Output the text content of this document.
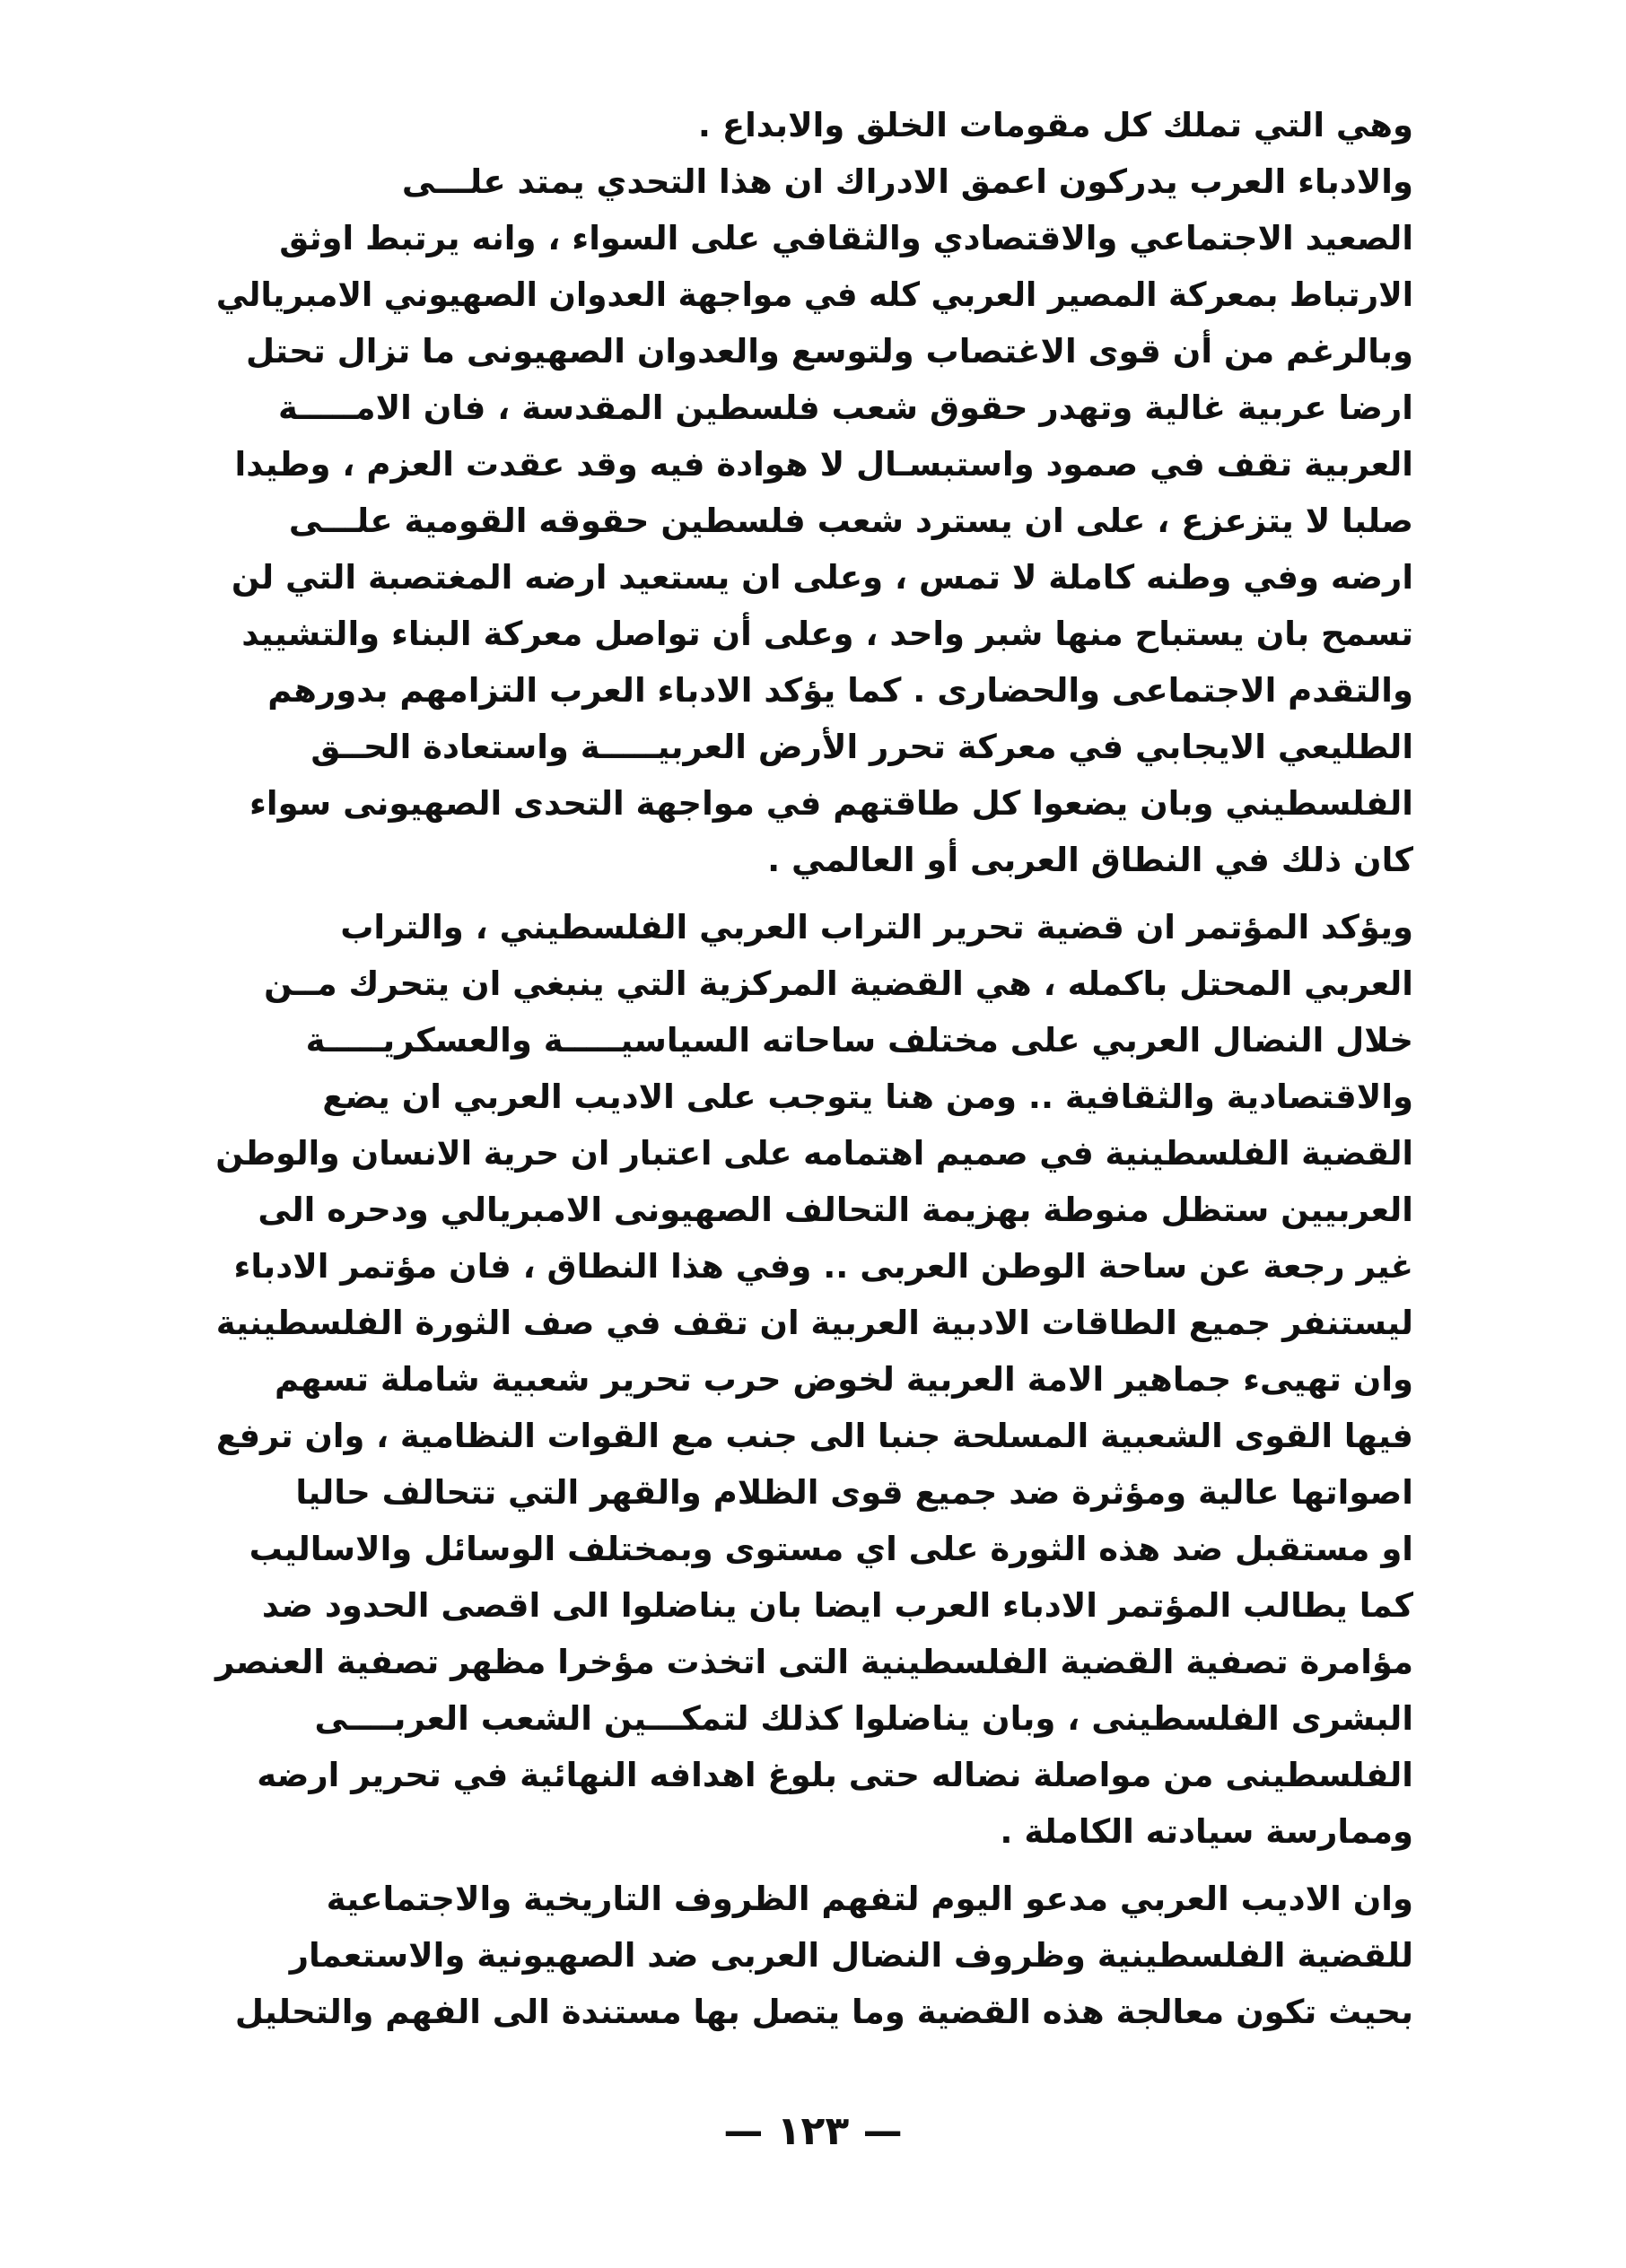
وهي التي تملك كل مقومات الخلق والابداع .
والادباء العرب يدركون اعمق الادراك ان هذا التحدي يمتد علـــى
الصعيد الاجتماعي والاقتصادي والثقافي على السواء ، وانه يرتبط اوثق
الارتباط بمعركة المصير العربي كله في مواجهة العدوان الصهيوني الامبريالي
وبالرغم من أن قوى الاغتصاب ولتوسع والعدوان الصهيونى ما تزال تحتل
ارضا عربية غالية وتهدر حقوق شعب فلسطين المقدسة ، فان الامـــــة
العربية تقف في صمود واستبسـال لا هوادة فيه وقد عقدت العزم ، وطيدا
صلبا لا يتزعزع ، على ان يسترد شعب فلسطين حقوقه القومية علـــى
ارضه وفي وطنه كاملة لا تمس ، وعلى ان يستعيد ارضه المغتصبة التي لن
تسمح بان يستباح منها شبر واحد ، وعلى أن تواصل معركة البناء والتشييد
والتقدم الاجتماعى والحضارى . كما يؤكد الادباء العرب التزامهم بدورهم
الطليعي الايجابي في معركة تحرر الأرض العربيـــــة واستعادة الحــق
الفلسطيني وبان يضعوا كل طاقتهم في مواجهة التحدى الصهيونى سواء
كان ذلك في النطاق العربى أو العالمي .
ويؤكد المؤتمر ان قضية تحرير التراب العربي الفلسطيني ، والتراب
العربي المحتل باكمله ، هي القضية المركزية التي ينبغي ان يتحرك مــن
خلال النضال العربي على مختلف ساحاته السياسيـــــة والعسكريـــــة
والاقتصادية والثقافية .. ومن هنا يتوجب على الاديب العربي ان يضع
القضية الفلسطينية في صميم اهتمامه على اعتبار ان حرية الانسان والوطن
العربيين ستظل منوطة بهزيمة التحالف الصهيونى الامبريالي ودحره الى
غير رجعة عن ساحة الوطن العربى .. وفي هذا النطاق ، فان مؤتمر الادباء
ليستنفر جميع الطاقات الادبية العربية ان تقف في صف الثورة الفلسطينية
وان تهيىء جماهير الامة العربية لخوض حرب تحرير شعبية شاملة تسهم
فيها القوى الشعبية المسلحة جنبا الى جنب مع القوات النظامية ، وان ترفع
اصواتها عالية ومؤثرة ضد جميع قوى الظلام والقهر التي تتحالف حاليا
او مستقبل ضد هذه الثورة على اي مستوى وبمختلف الوسائل والاساليب
كما يطالب المؤتمر الادباء العرب ايضا بان يناضلوا الى اقصى الحدود ضد
مؤامرة تصفية القضية الفلسطينية التى اتخذت مؤخرا مظهر تصفية العنصر
البشرى الفلسطينى ، وبان يناضلوا كذلك لتمكـــين الشعب العربــــى
الفلسطينى من مواصلة نضاله حتى بلوغ اهدافه النهائية في تحرير ارضه
وممارسة سيادته الكاملة .
وان الاديب العربي مدعو اليوم لتفهم الظروف التاريخية والاجتماعية
للقضية الفلسطينية وظروف النضال العربى ضد الصهيونية والاستعمار
بحيث تكون معالجة هذه القضية وما يتصل بها مستندة الى الفهم والتحليل
— ١٢٣ —
